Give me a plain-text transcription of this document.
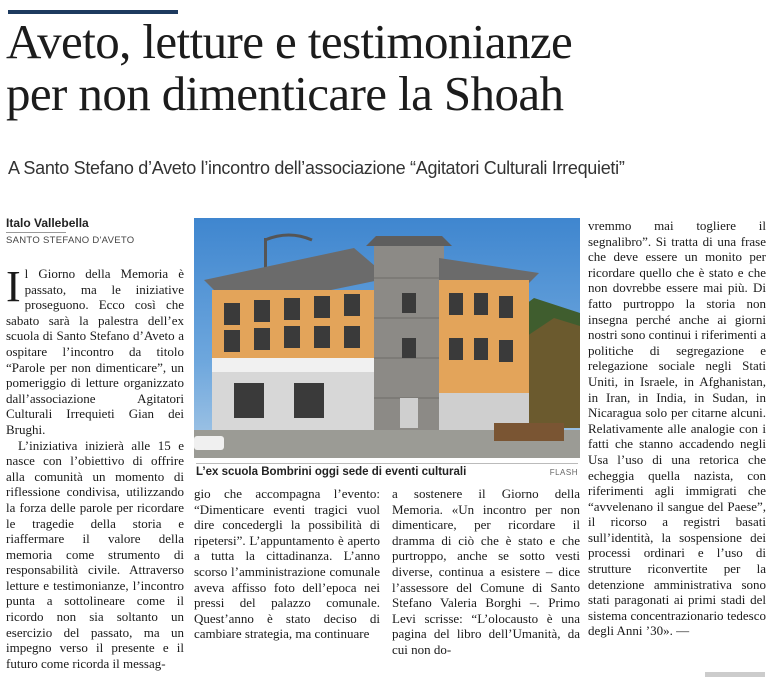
Aveto, letture e testimonianze
per non dimenticare la Shoah
A Santo Stefano d’Aveto l’incontro dell’associazione “Agitatori Culturali Irrequieti”
Italo Vallebella
SANTO STEFANO D'AVETO

Il Giorno della Memoria è passato, ma le iniziative proseguono. Ecco così che sabato sarà la palestra dell’ex scuola di Santo Stefano d’Aveto a ospitare l’incontro da titolo “Parole per non dimenticare”, un pomeriggio di letture organizzato dall’associazione Agitatori Culturali Irrequieti Gian dei Brughi.

L’iniziativa inizierà alle 15 e nasce con l’obiettivo di offrire alla comunità un momento di riflessione condivisa, utilizzando la forza delle parole per ricordare le tragedie della storia e riaffermare il valore della memoria come strumento di responsabilità civile. Attraverso letture e testimonianze, l’incontro punta a sottolineare come il ricordo non sia soltanto un esercizio del passato, ma un impegno verso il presente e il futuro come ricorda il messag-

L’ex scuola Bombrini oggi sede di eventi culturali	FLASH

gio che accompagna l’evento: “Dimenticare eventi tragici vuol dire concedergli la possibilità di ripetersi”. L’appuntamento è aperto a tutta la cittadinanza. L’anno scorso l’amministrazione comunale aveva affisso foto dell’epoca nei pressi del palazzo comunale. Quest’anno è stato deciso di cambiare strategia, ma continuare

a sostenere il Giorno della Memoria. «Un incontro per non dimenticare, per ricordare il dramma di ciò che è stato e che purtroppo, anche se sotto vesti diverse, continua a esistere – dice l’assessore del Comune di Santo Stefano Valeria Borghi –. Primo Levi scrisse: “L’olocausto è una pagina del libro dell’Umanità, da cui non do-

vremmo mai togliere il segnalibro”. Si tratta di una frase che deve essere un monito per ricordare quello che è stato e che non dovrebbe essere mai più. Di fatto purtroppo la storia non insegna perché anche ai giorni nostri sono continui i riferimenti a politiche di segregazione e relegazione sociale negli Stati Uniti, in Israele, in Afghanistan, in Iran, in India, in Sudan, in Nicaragua solo per citarne alcuni. Relativamente alle analogie con i fatti che stanno accadendo negli Usa l’uso di una retorica che echeggia quella nazista, con riferimenti agli immigrati che “avvelenano il sangue del Paese”, il ricorso a registri basati sull’identità, la sospensione dei processi ordinari e l’uso di strutture riconvertite per la detenzione amministrativa sono stati paragonati ai primi stadi del sistema concentrazionario tedesco degli Anni ’30». —
